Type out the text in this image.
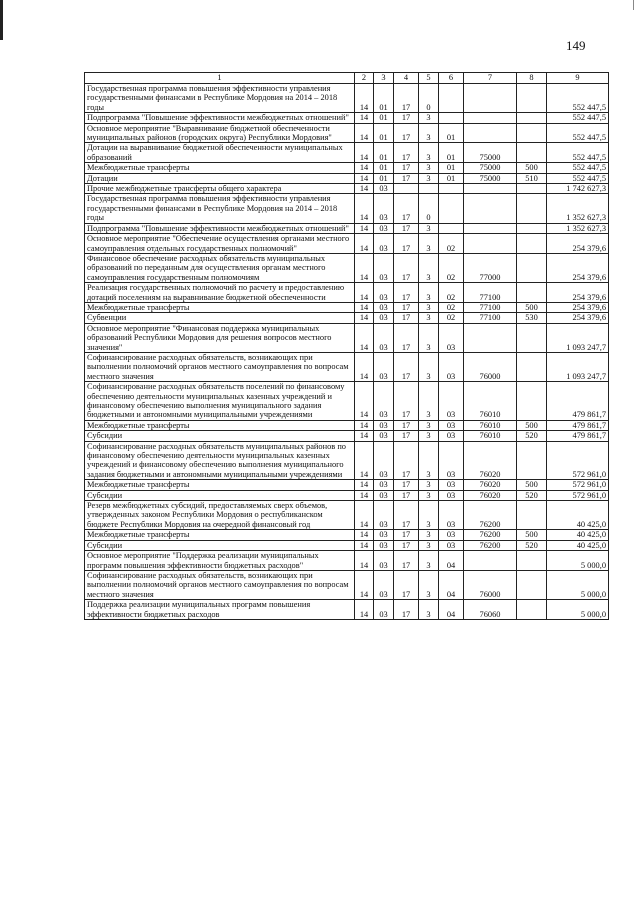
149
1	2	3	4	5	6	7	8	9
Государственная программа повышения эффективности управления государственными финансами в Республике Мордовия на 2014 – 2018 годы	14	01	17	0				552 447,5
Подпрограмма "Повышение эффективности межбюджетных отношений"	14	01	17	3				552 447,5
Основное мероприятие "Выравнивание бюджетной обеспеченности муниципальных районов (городских округа) Республики Мордовия"	14	01	17	3	01			552 447,5
Дотации на выравнивание бюджетной обеспеченности муниципальных образований	14	01	17	3	01	75000		552 447,5
Межбюджетные трансферты	14	01	17	3	01	75000	500	552 447,5
Дотации	14	01	17	3	01	75000	510	552 447,5
Прочие межбюджетные трансферты общего характера	14	03						1 742 627,3
Государственная программа повышения эффективности управления государственными финансами в Республике Мордовия на 2014 – 2018 годы	14	03	17	0				1 352 627,3
Подпрограмма "Повышение эффективности межбюджетных отношений"	14	03	17	3				1 352 627,3
Основное мероприятие "Обеспечение осуществления органами местного самоуправления отдельных государственных полномочий"	14	03	17	3	02			254 379,6
Финансовое обеспечение расходных обязательств муниципальных образований по переданным для осуществления органам местного самоуправления государственным полномочиям	14	03	17	3	02	77000		254 379,6
Реализация государственных полномочий по расчету и предоставлению дотаций поселениям на выравнивание бюджетной обеспеченности	14	03	17	3	02	77100		254 379,6
Межбюджетные трансферты	14	03	17	3	02	77100	500	254 379,6
Субвенции	14	03	17	3	02	77100	530	254 379,6
Основное мероприятие "Финансовая поддержка муниципальных образований Республики Мордовия для решения вопросов местного значения"	14	03	17	3	03			1 093 247,7
Софинансирование расходных обязательств, возникающих при выполнении полномочий органов местного самоуправления по вопросам местного значения	14	03	17	3	03	76000		1 093 247,7
Софинансирование расходных обязательств поселений по финансовому обеспечению деятельности муниципальных казенных учреждений и финансовому обеспечению выполнения муниципального задания бюджетными и автономными муниципальными учреждениями	14	03	17	3	03	76010		479 861,7
Межбюджетные трансферты	14	03	17	3	03	76010	500	479 861,7
Субсидии	14	03	17	3	03	76010	520	479 861,7
Софинансирование расходных обязательств муниципальных районов по финансовому обеспечению деятельности муниципальных казенных учреждений и финансовому обеспечению выполнения муниципального задания бюджетными и автономными муниципальными учреждениями	14	03	17	3	03	76020		572 961,0
Межбюджетные трансферты	14	03	17	3	03	76020	500	572 961,0
Субсидии	14	03	17	3	03	76020	520	572 961,0
Резерв межбюджетных субсидий, предоставляемых сверх объемов, утвержденных законом Республики Мордовия о республиканском бюджете Республики Мордовия на очередной финансовый год	14	03	17	3	03	76200		40 425,0
Межбюджетные трансферты	14	03	17	3	03	76200	500	40 425,0
Субсидии	14	03	17	3	03	76200	520	40 425,0
Основное мероприятие "Поддержка реализации муниципальных программ повышения эффективности бюджетных расходов"	14	03	17	3	04			5 000,0
Софинансирование расходных обязательств, возникающих при выполнении полномочий органов местного самоуправления по вопросам местного значения	14	03	17	3	04	76000		5 000,0
Поддержка реализации муниципальных программ повышения эффективности бюджетных расходов	14	03	17	3	04	76060		5 000,0
